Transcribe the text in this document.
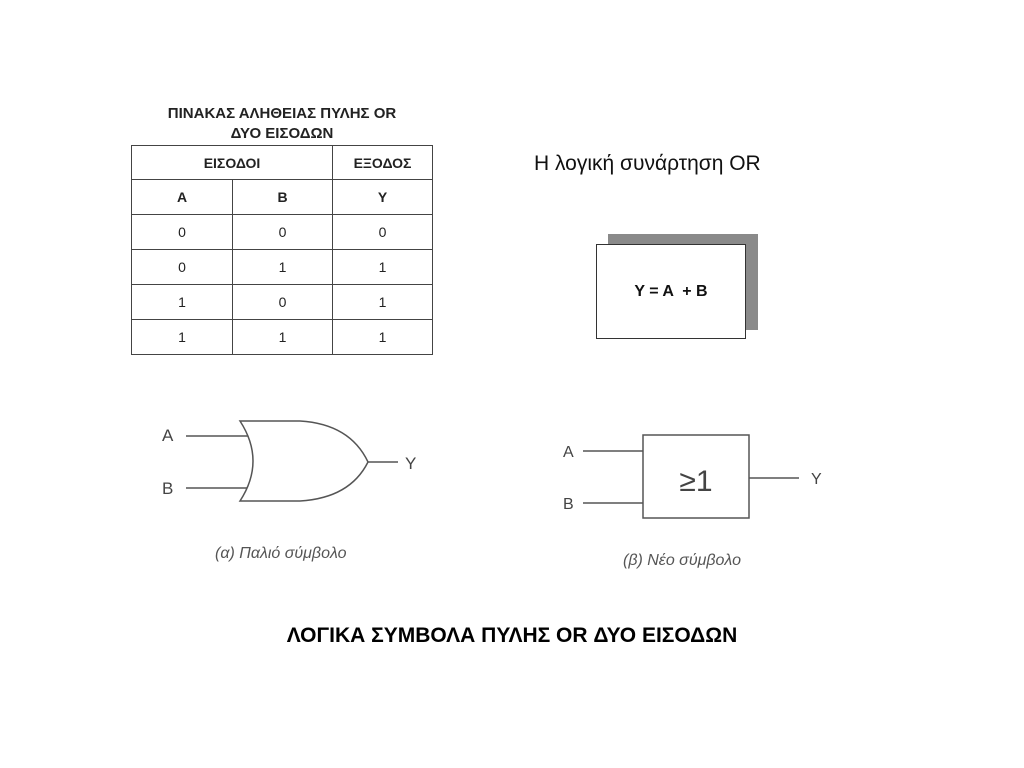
ΠΙΝΑΚΑΣ ΑΛΗΘΕΙΑΣ ΠΥΛΗΣ OR
ΔΥΟ ΕΙΣΟΔΩΝ
ΕΙΣΟΔΟΙ		ΕΞΟΔΟΣ
A	B	Y
0	0	0
0	1	1
1	0	1
1	1	1
Η λογική συνάρτηση OR
Y = A  + B
A
B
Y
(α) Παλιό σύμβολο
≥1
A
B
Y
(β) Νέο σύμβολο
ΛΟΓΙΚΑ ΣΥΜΒΟΛΑ ΠΥΛΗΣ OR ΔΥΟ ΕΙΣΟΔΩΝ
